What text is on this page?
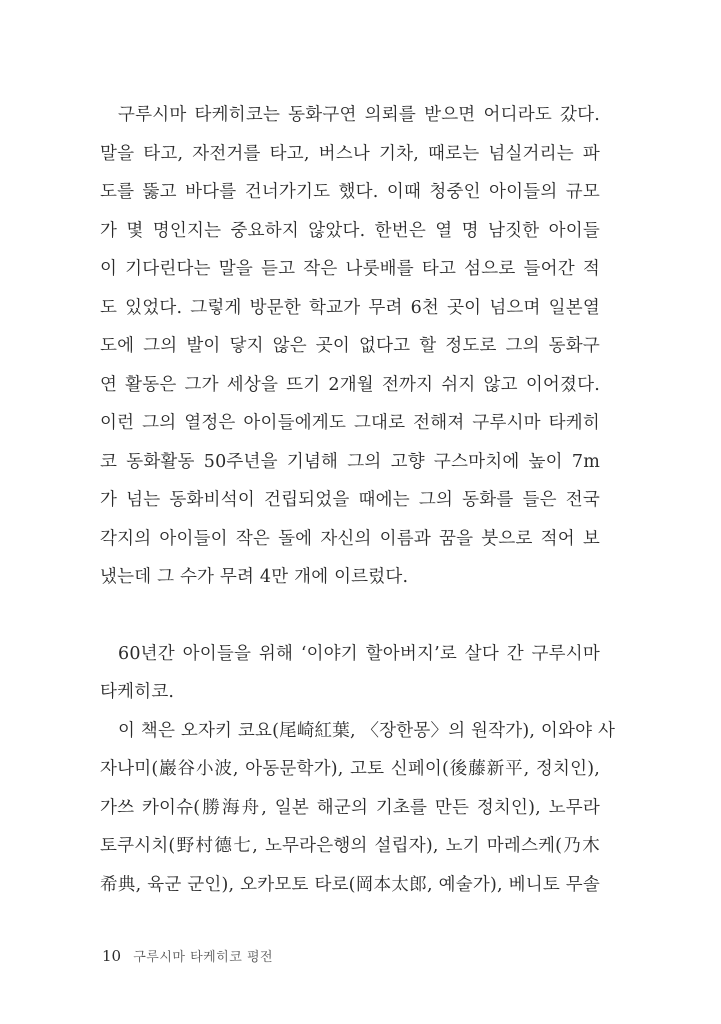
구루시마 타케히코는 동화구연 의뢰를 받으면 어디라도 갔다.
말을 타고, 자전거를 타고, 버스나 기차, 때로는 넘실거리는 파
도를 뚫고 바다를 건너가기도 했다. 이때 청중인 아이들의 규모
가 몇 명인지는 중요하지 않았다. 한번은 열 명 남짓한 아이들
이 기다린다는 말을 듣고 작은 나룻배를 타고 섬으로 들어간 적
도 있었다. 그렇게 방문한 학교가 무려 6천 곳이 넘으며 일본열
도에 그의 발이 닿지 않은 곳이 없다고 할 정도로 그의 동화구
연 활동은 그가 세상을 뜨기 2개월 전까지 쉬지 않고 이어졌다.
이런 그의 열정은 아이들에게도 그대로 전해져 구루시마 타케히
코 동화활동 50주년을 기념해 그의 고향 구스마치에 높이 7m
가 넘는 동화비석이 건립되었을 때에는 그의 동화를 들은 전국
각지의 아이들이 작은 돌에 자신의 이름과 꿈을 붓으로 적어 보
냈는데 그 수가 무려 4만 개에 이르렀다.
60년간 아이들을 위해 ‘이야기 할아버지’로 살다 간 구루시마
타케히코.
이 책은 오자키 코요(尾崎紅葉, 〈장한몽〉의 원작가), 이와야 사
자나미(巖谷小波, 아동문학가), 고토 신페이(後藤新平, 정치인),
가쓰 카이슈(勝海舟, 일본 해군의 기초를 만든 정치인), 노무라
토쿠시치(野村德七, 노무라은행의 설립자), 노기 마레스케(乃木
希典, 육군 군인), 오카모토 타로(岡本太郎, 예술가), 베니토 무솔
10 구루시마 타케히코 평전
